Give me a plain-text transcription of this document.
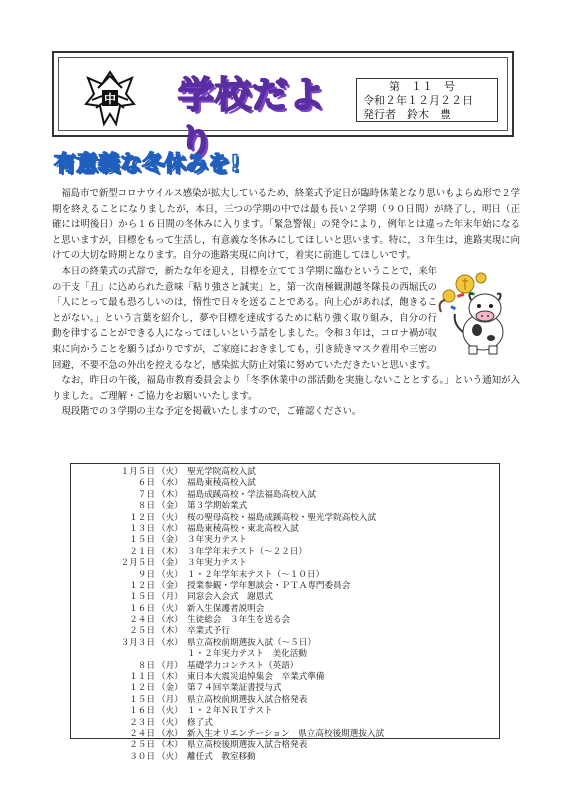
中 学校だより
第　１１　号
令和２年１２月２２日
発行者　鈴木　豊
有意義な冬休みを!

福島市で新型コロナウイルス感染が拡大しているため，終業式予定日が臨時休業となり思いもよらぬ形で２学期を終えることになりましたが，本日，三つの学期の中では最も長い２学期（９０日間）が終了し，明日（正確には明後日）から１６日間の冬休みに入ります。「緊急警報」の発令により，例年とは違った年末年始になると思いますが，目標をもって生活し，有意義な冬休みにしてほしいと思います。特に，３年生は，進路実現に向けての大切な時期となります。自分の進路実現に向けて，着実に前進してほしいです。

本日の終業式の式辞で，新たな年を迎え，目標を立てて３学期に臨むということで，来年の干支「丑」に込められた意味「粘り強さと誠実」と，第一次南極観測越冬隊長の西堀氏の「人にとって最も恐ろしいのは，惰性で日々を送ることである。向上心があれば，飽きることがない。」という言葉を紹介し，夢や目標を達成するために粘り強く取り組み，自分の行動を律することができる人になってほしいという話をしました。令和３年は，コロナ禍が収束に向かうことを願うばかりですが，ご家庭におきましても，引き続きマスク着用や三密の回避，不要不急の外出を控えるなど，感染拡大防止対策に努めていただきたいと思います。

なお，昨日の午後，福島市教育委員会より「冬季休業中の部活動を実施しないこととする。」という通知が入りました。ご理解・ご協力をお願いいたします。

現段階での３学期の主な予定を掲載いたしますので，ご確認ください。

１月５日 （火） 聖光学院高校入試
６日 （水） 福島東稜高校入試
７日 （木） 福島成蹊高校・学法福島高校入試
８日 （金） 第３学期始業式
１２日 （火） 桜の聖母高校・福島成蹊高校・聖光学院高校入試
１３日 （水） 福島東稜高校・東北高校入試
１５日 （金） ３年実力テスト
２１日 （木） ３年学年末テスト（～２２日）
２月５日 （金） ３年実力テスト
９日 （火） １・２年学年末テスト（～１０日）
１２日 （金） 授業参観・学年懇談会・ＰＴＡ専門委員会
１５日 （月） 同窓会入会式　謝恩式
１６日 （火） 新入生保護者説明会
２４日 （水） 生徒総会　３年生を送る会
２５日 （木） 卒業式予行
３月３日 （水） 県立高校前期選抜入試（～５日）
１・２年実力テスト　美化活動
８日 （月） 基礎学力コンテスト（英語）
１１日 （木） 東日本大震災追悼集会　卒業式準備
１２日 （金） 第７４回卒業証書授与式
１５日 （月） 県立高校前期選抜入試合格発表
１６日 （火） １・２年ＮＲＴテスト
２３日 （火） 修了式
２４日 （水） 新入生オリエンテーション　県立高校後期選抜入試
２５日 （木） 県立高校後期選抜入試合格発表
３０日 （火） 離任式　教室移動
